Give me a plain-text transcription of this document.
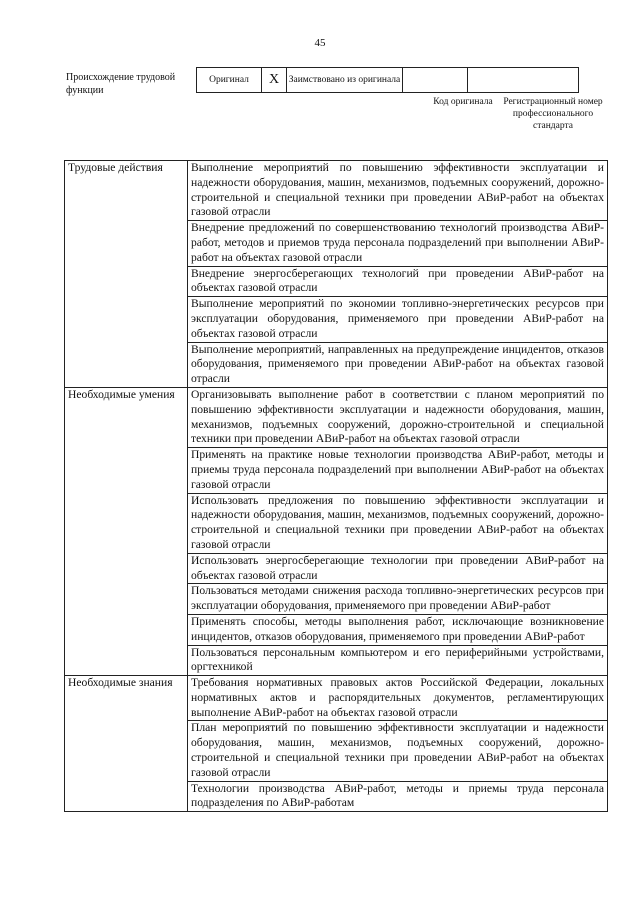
45
Происхождение трудовой функции
Оригинал	X	Заимствовано из оригинала		
Код оригинала	Регистрационный номер профессионального стандарта
Трудовые действия	Выполнение мероприятий по повышению эффективности эксплуатации и надежности оборудования, машин, механизмов, подъемных сооружений, дорожно-строительной и специальной техники при проведении АВиР-работ на объектах газовой отрасли
	Внедрение предложений по совершенствованию технологий производства АВиР-работ, методов и приемов труда персонала подразделений при выполнении АВиР-работ на объектах газовой отрасли
	Внедрение энергосберегающих технологий при проведении АВиР-работ на объектах газовой отрасли
	Выполнение мероприятий по экономии топливно-энергетических ресурсов при эксплуатации оборудования, применяемого при проведении АВиР-работ на объектах газовой отрасли
	Выполнение мероприятий, направленных на предупреждение инцидентов, отказов оборудования, применяемого при проведении АВиР-работ на объектах газовой отрасли
Необходимые умения	Организовывать выполнение работ в соответствии с планом мероприятий по повышению эффективности эксплуатации и надежности оборудования, машин, механизмов, подъемных сооружений, дорожно-строительной и специальной техники при проведении АВиР-работ на объектах газовой отрасли
	Применять на практике новые технологии производства АВиР-работ, методы и приемы труда персонала подразделений при выполнении АВиР-работ на объектах газовой отрасли
	Использовать предложения по повышению эффективности эксплуатации и надежности оборудования, машин, механизмов, подъемных сооружений, дорожно-строительной и специальной техники при проведении АВиР-работ на объектах газовой отрасли
	Использовать энергосберегающие технологии при проведении АВиР-работ на объектах газовой отрасли
	Пользоваться методами снижения расхода топливно-энергетических ресурсов при эксплуатации оборудования, применяемого при проведении АВиР-работ
	Применять способы, методы выполнения работ, исключающие возникновение инцидентов, отказов оборудования, применяемого при проведении АВиР-работ
	Пользоваться персональным компьютером и его периферийными устройствами, оргтехникой
Необходимые знания	Требования нормативных правовых актов Российской Федерации, локальных нормативных актов и распорядительных документов, регламентирующих выполнение АВиР-работ на объектах газовой отрасли
	План мероприятий по повышению эффективности эксплуатации и надежности оборудования, машин, механизмов, подъемных сооружений, дорожно-строительной и специальной техники при проведении АВиР-работ на объектах газовой отрасли
	Технологии производства АВиР-работ, методы и приемы труда персонала подразделения по АВиР-работам
